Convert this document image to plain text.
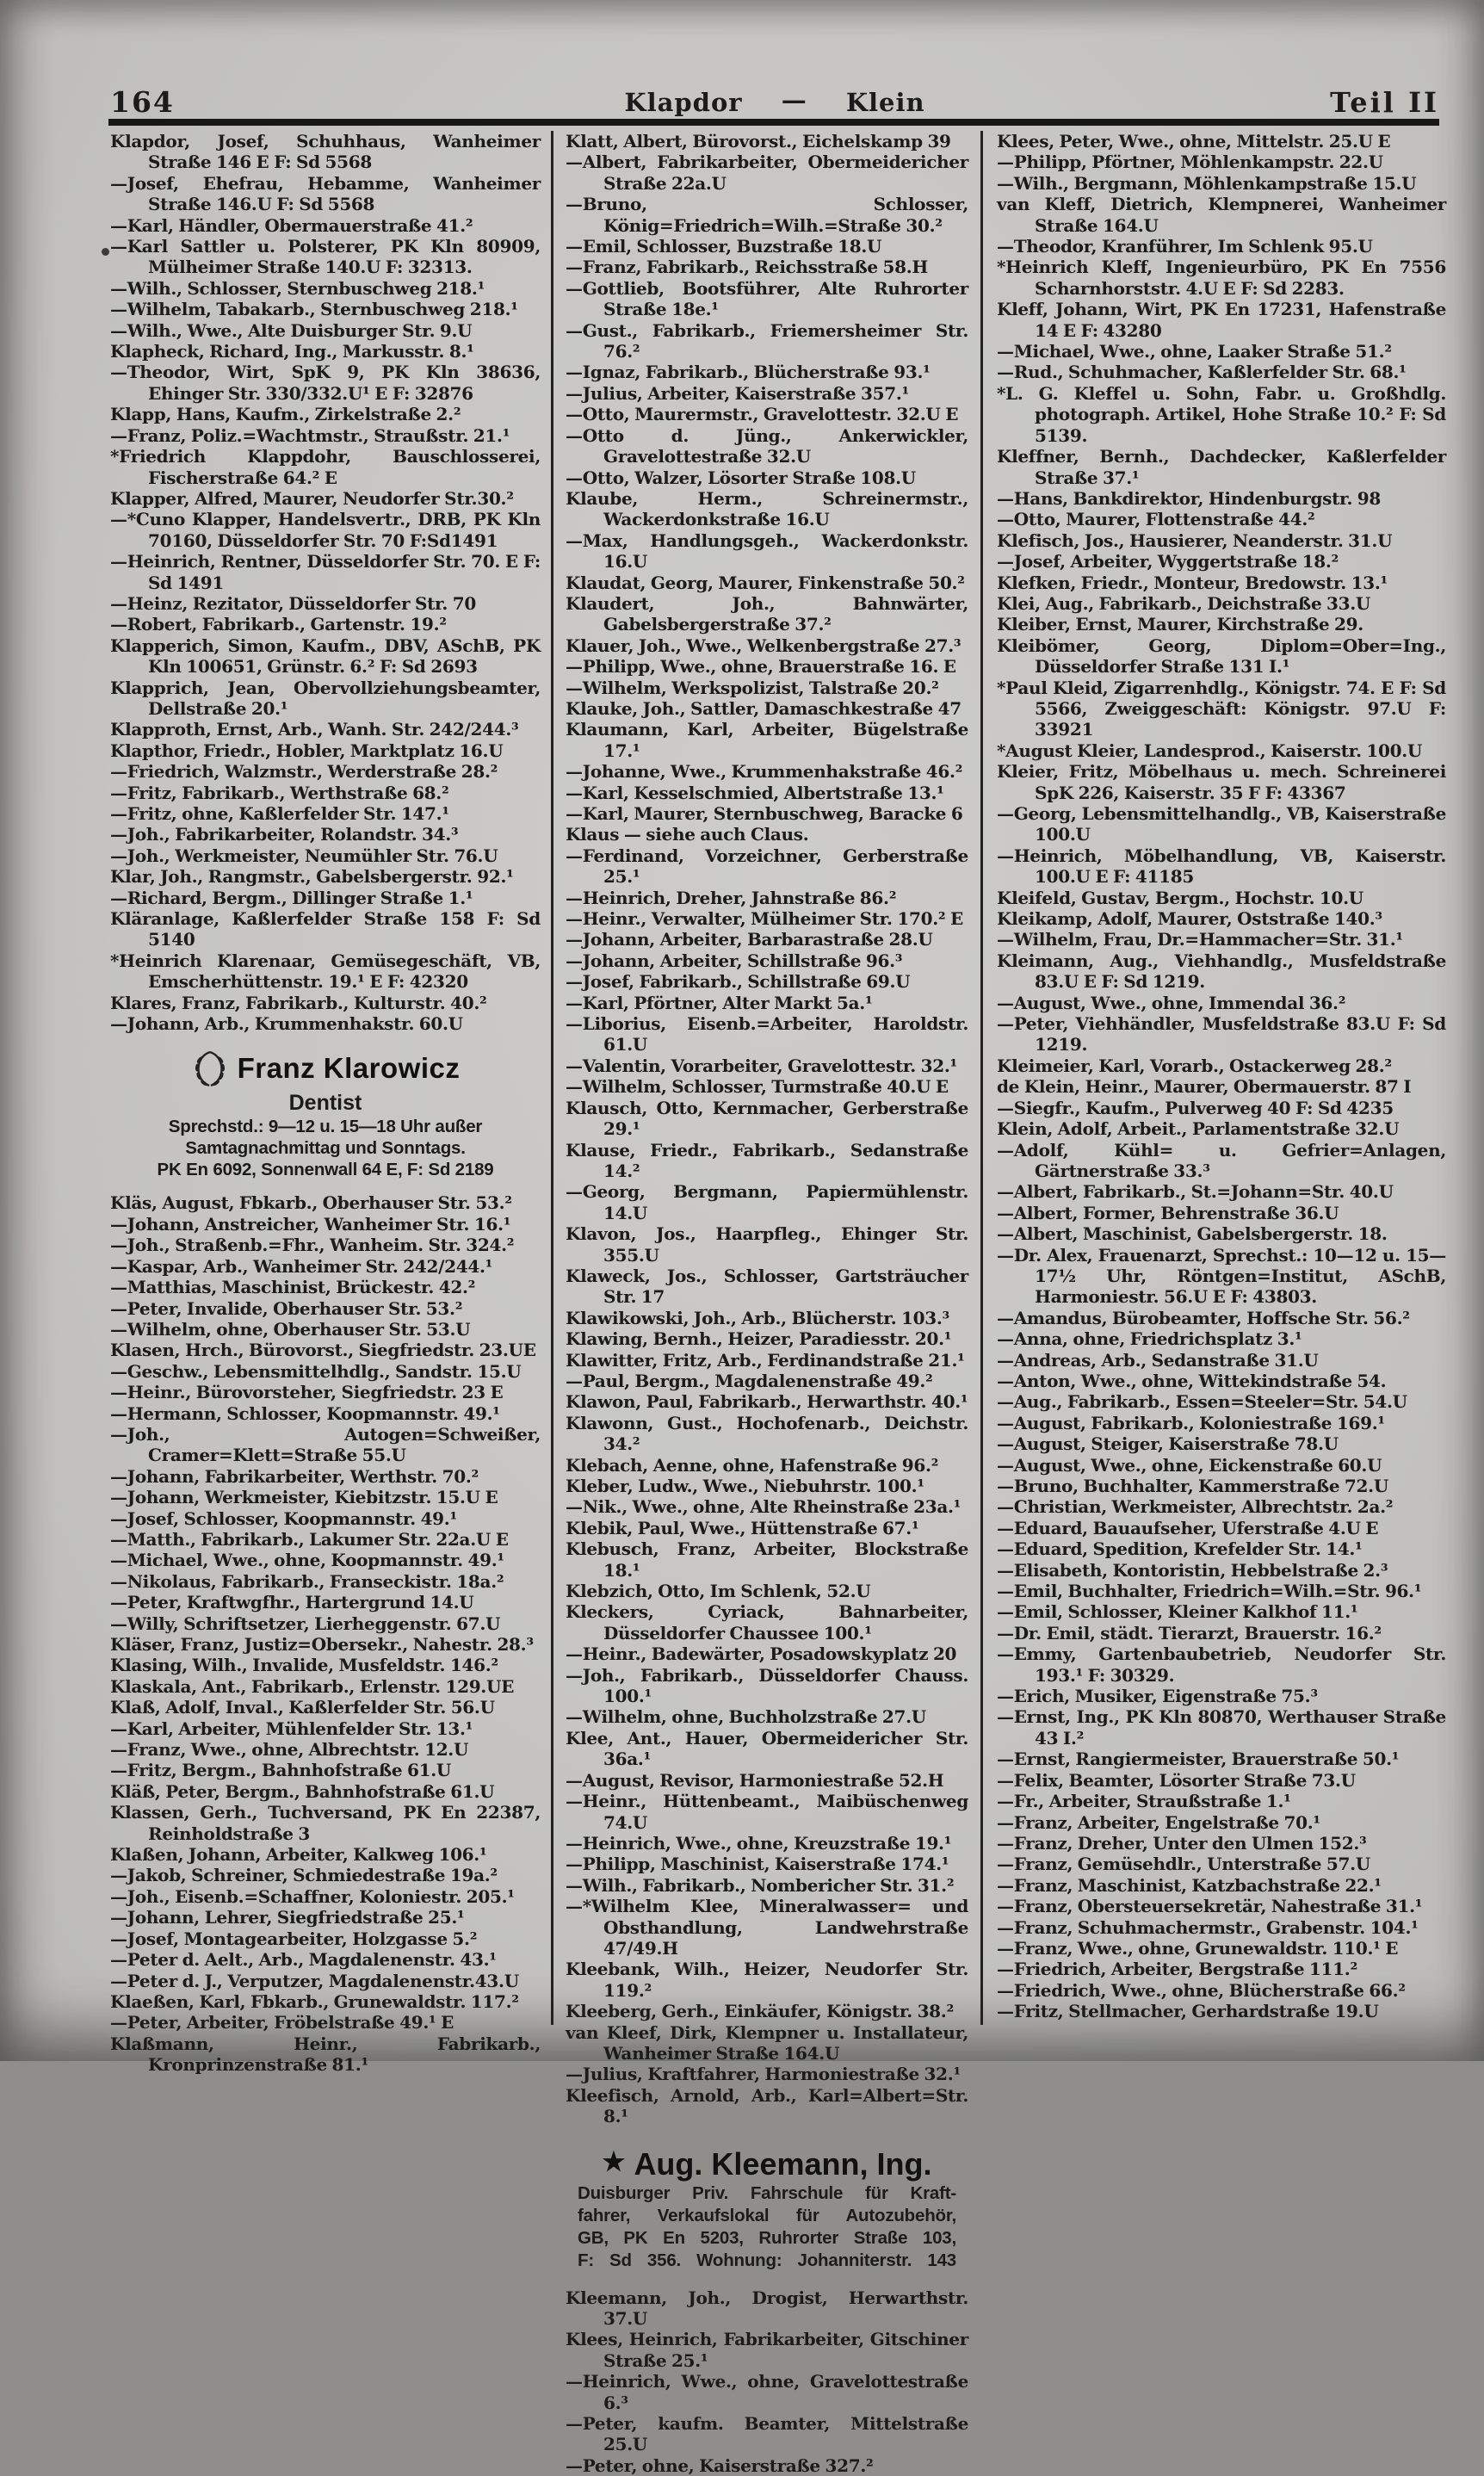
164	Klapdor — Klein	Teil II

Klapdor, Josef, Schuhhaus, Wanheimer Straße 146 E F: Sd 5568

—Josef, Ehefrau, Hebamme, Wanheimer Straße 146.U F: Sd 5568

—Karl, Händler, Obermauerstraße 41.²

—Karl Sattler u. Polsterer, PK Kln 80909, Mülheimer Straße 140.U F: 32313.

—Wilh., Schlosser, Sternbuschweg 218.¹

—Wilhelm, Tabakarb., Sternbuschweg 218.¹

—Wilh., Wwe., Alte Duisburger Str. 9.U

Klapheck, Richard, Ing., Markusstr. 8.¹

—Theodor, Wirt, SpK 9, PK Kln 38636, Ehinger Str. 330/332.U¹ E F: 32876

Klapp, Hans, Kaufm., Zirkelstraße 2.²

—Franz, Poliz.=Wachtmstr., Straußstr. 21.¹

*Friedrich Klappdohr, Bauschlosserei, Fischerstraße 64.² E

Klapper, Alfred, Maurer, Neudorfer Str.30.²

—*Cuno Klapper, Handelsvertr., DRB, PK Kln 70160, Düsseldorfer Str. 70 F:Sd1491

—Heinrich, Rentner, Düsseldorfer Str. 70. E F: Sd 1491

—Heinz, Rezitator, Düsseldorfer Str. 70

—Robert, Fabrikarb., Gartenstr. 19.²

Klapperich, Simon, Kaufm., DBV, ASchB, PK Kln 100651, Grünstr. 6.² F: Sd 2693

Klapprich, Jean, Obervollziehungsbeamter, Dellstraße 20.¹

Klapproth, Ernst, Arb., Wanh. Str. 242/244.³

Klapthor, Friedr., Hobler, Marktplatz 16.U

—Friedrich, Walzmstr., Werderstraße 28.²

—Fritz, Fabrikarb., Werthstraße 68.²

—Fritz, ohne, Kaßlerfelder Str. 147.¹

—Joh., Fabrikarbeiter, Rolandstr. 34.³

—Joh., Werkmeister, Neumühler Str. 76.U

Klar, Joh., Rangmstr., Gabelsbergerstr. 92.¹

—Richard, Bergm., Dillinger Straße 1.¹

Kläranlage, Kaßlerfelder Straße 158 F: Sd 5140

*Heinrich Klarenaar, Gemüsegeschäft, VB, Emscherhüttenstr. 19.¹ E F: 42320

Klares, Franz, Fabrikarb., Kulturstr. 40.²

—Johann, Arb., Krummenhakstr. 60.U

Franz Klarowicz
Dentist
Sprechstd.: 9—12 u. 15—18 Uhr außer
Samtagnachmittag und Sonntags.
PK En 6092, Sonnenwall 64 E, F: Sd 2189

Kläs, August, Fbkarb., Oberhauser Str. 53.²

—Johann, Anstreicher, Wanheimer Str. 16.¹

—Joh., Straßenb.=Fhr., Wanheim. Str. 324.²

—Kaspar, Arb., Wanheimer Str. 242/244.¹

—Matthias, Maschinist, Brückestr. 42.²

—Peter, Invalide, Oberhauser Str. 53.²

—Wilhelm, ohne, Oberhauser Str. 53.U

Klasen, Hrch., Bürovorst., Siegfriedstr. 23.UE

—Geschw., Lebensmittelhdlg., Sandstr. 15.U

—Heinr., Bürovorsteher, Siegfriedstr. 23 E

—Hermann, Schlosser, Koopmannstr. 49.¹

—Joh., Autogen=Schweißer, Cramer=Klett=Straße 55.U

—Johann, Fabrikarbeiter, Werthstr. 70.²

—Johann, Werkmeister, Kiebitzstr. 15.U E

—Josef, Schlosser, Koopmannstr. 49.¹

—Matth., Fabrikarb., Lakumer Str. 22a.U E

—Michael, Wwe., ohne, Koopmannstr. 49.¹

—Nikolaus, Fabrikarb., Franseckistr. 18a.²

—Peter, Kraftwgfhr., Hartergrund 14.U

—Willy, Schriftsetzer, Lierheggenstr. 67.U

Kläser, Franz, Justiz=Obersekr., Nahestr. 28.³

Klasing, Wilh., Invalide, Musfeldstr. 146.²

Klaskala, Ant., Fabrikarb., Erlenstr. 129.UE

Klaß, Adolf, Inval., Kaßlerfelder Str. 56.U

—Karl, Arbeiter, Mühlenfelder Str. 13.¹

—Franz, Wwe., ohne, Albrechtstr. 12.U

—Fritz, Bergm., Bahnhofstraße 61.U

Kläß, Peter, Bergm., Bahnhofstraße 61.U

Klassen, Gerh., Tuchversand, PK En 22387, Reinholdstraße 3

Klaßen, Johann, Arbeiter, Kalkweg 106.¹

—Jakob, Schreiner, Schmiedestraße 19a.²

—Joh., Eisenb.=Schaffner, Koloniestr. 205.¹

—Johann, Lehrer, Siegfriedstraße 25.¹

—Josef, Montagearbeiter, Holzgasse 5.²

—Peter d. Aelt., Arb., Magdalenenstr. 43.¹

—Peter d. J., Verputzer, Magdalenenstr.43.U

Klaeßen, Karl, Fbkarb., Grunewaldstr. 117.²

—Peter, Arbeiter, Fröbelstraße 49.¹ E

Klaßmann, Heinr., Fabrikarb., Kronprinzenstraße 81.¹

Klatt, Albert, Bürovorst., Eichelskamp 39

—Albert, Fabrikarbeiter, Obermeidericher Straße 22a.U

—Bruno, Schlosser, König=Friedrich=Wilh.=Straße 30.²

—Emil, Schlosser, Buzstraße 18.U

—Franz, Fabrikarb., Reichsstraße 58.H

—Gottlieb, Bootsführer, Alte Ruhrorter Straße 18e.¹

—Gust., Fabrikarb., Friemersheimer Str. 76.²

—Ignaz, Fabrikarb., Blücherstraße 93.¹

—Julius, Arbeiter, Kaiserstraße 357.¹

—Otto, Maurermstr., Gravelottestr. 32.U E

—Otto d. Jüng., Ankerwickler, Gravelottestraße 32.U

—Otto, Walzer, Lösorter Straße 108.U

Klaube, Herm., Schreinermstr., Wackerdonkstraße 16.U

—Max, Handlungsgeh., Wackerdonkstr. 16.U

Klaudat, Georg, Maurer, Finkenstraße 50.²

Klaudert, Joh., Bahnwärter, Gabelsbergerstraße 37.²

Klauer, Joh., Wwe., Welkenbergstraße 27.³

—Philipp, Wwe., ohne, Brauerstraße 16. E

—Wilhelm, Werkspolizist, Talstraße 20.²

Klauke, Joh., Sattler, Damaschkestraße 47

Klaumann, Karl, Arbeiter, Bügelstraße 17.¹

—Johanne, Wwe., Krummenhakstraße 46.²

—Karl, Kesselschmied, Albertstraße 13.¹

—Karl, Maurer, Sternbuschweg, Baracke 6

Klaus — siehe auch Claus.

—Ferdinand, Vorzeichner, Gerberstraße 25.¹

—Heinrich, Dreher, Jahnstraße 86.²

—Heinr., Verwalter, Mülheimer Str. 170.² E

—Johann, Arbeiter, Barbarastraße 28.U

—Johann, Arbeiter, Schillstraße 96.³

—Josef, Fabrikarb., Schillstraße 69.U

—Karl, Pförtner, Alter Markt 5a.¹

—Liborius, Eisenb.=Arbeiter, Haroldstr. 61.U

—Valentin, Vorarbeiter, Gravelottestr. 32.¹

—Wilhelm, Schlosser, Turmstraße 40.U E

Klausch, Otto, Kernmacher, Gerberstraße 29.¹

Klause, Friedr., Fabrikarb., Sedanstraße 14.²

—Georg, Bergmann, Papiermühlenstr. 14.U

Klavon, Jos., Haarpfleg., Ehinger Str. 355.U

Klaweck, Jos., Schlosser, Gartsträucher Str. 17

Klawikowski, Joh., Arb., Blücherstr. 103.³

Klawing, Bernh., Heizer, Paradiesstr. 20.¹

Klawitter, Fritz, Arb., Ferdinandstraße 21.¹

—Paul, Bergm., Magdalenenstraße 49.²

Klawon, Paul, Fabrikarb., Herwarthstr. 40.¹

Klawonn, Gust., Hochofenarb., Deichstr. 34.²

Klebach, Aenne, ohne, Hafenstraße 96.²

Kleber, Ludw., Wwe., Niebuhrstr. 100.¹

—Nik., Wwe., ohne, Alte Rheinstraße 23a.¹

Klebik, Paul, Wwe., Hüttenstraße 67.¹

Klebusch, Franz, Arbeiter, Blockstraße 18.¹

Klebzich, Otto, Im Schlenk, 52.U

Kleckers, Cyriack, Bahnarbeiter, Düsseldorfer Chaussee 100.¹

—Heinr., Badewärter, Posadowskyplatz 20

—Joh., Fabrikarb., Düsseldorfer Chauss. 100.¹

—Wilhelm, ohne, Buchholzstraße 27.U

Klee, Ant., Hauer, Obermeidericher Str. 36a.¹

—August, Revisor, Harmoniestraße 52.H

—Heinr., Hüttenbeamt., Maibüschenweg 74.U

—Heinrich, Wwe., ohne, Kreuzstraße 19.¹

—Philipp, Maschinist, Kaiserstraße 174.¹

—Wilh., Fabrikarb., Nombericher Str. 31.²

—*Wilhelm Klee, Mineralwasser= und Obsthandlung, Landwehrstraße 47/49.H

Kleebank, Wilh., Heizer, Neudorfer Str. 119.²

Kleeberg, Gerh., Einkäufer, Königstr. 38.²

van Kleef, Dirk, Klempner u. Installateur, Wanheimer Straße 164.U

—Julius, Kraftfahrer, Harmoniestraße 32.¹

Kleefisch, Arnold, Arb., Karl=Albert=Str. 8.¹

★ Aug. Kleemann, Ing.
Duisburger Priv. Fahrschule für Kraft-
fahrer, Verkaufslokal für Autozubehör,
GB, PK En 5203, Ruhrorter Straße 103,
F: Sd 356. Wohnung: Johanniterstr. 143

Kleemann, Joh., Drogist, Herwarthstr. 37.U

Klees, Heinrich, Fabrikarbeiter, Gitschiner Straße 25.¹

—Heinrich, Wwe., ohne, Gravelottestraße 6.³

—Peter, kaufm. Beamter, Mittelstraße 25.U

—Peter, ohne, Kaiserstraße 327.²

Klees, Peter, Wwe., ohne, Mittelstr. 25.U E

—Philipp, Pförtner, Möhlenkampstr. 22.U

—Wilh., Bergmann, Möhlenkampstraße 15.U

van Kleff, Dietrich, Klempnerei, Wanheimer Straße 164.U

—Theodor, Kranführer, Im Schlenk 95.U

*Heinrich Kleff, Ingenieurbüro, PK En 7556 Scharnhorststr. 4.U E F: Sd 2283.

Kleff, Johann, Wirt, PK En 17231, Hafenstraße 14 E F: 43280

—Michael, Wwe., ohne, Laaker Straße 51.²

—Rud., Schuhmacher, Kaßlerfelder Str. 68.¹

*L. G. Kleffel u. Sohn, Fabr. u. Großhdlg. photograph. Artikel, Hohe Straße 10.² F: Sd 5139.

Kleffner, Bernh., Dachdecker, Kaßlerfelder Straße 37.¹

—Hans, Bankdirektor, Hindenburgstr. 98

—Otto, Maurer, Flottenstraße 44.²

Klefisch, Jos., Hausierer, Neanderstr. 31.U

—Josef, Arbeiter, Wyggertstraße 18.²

Klefken, Friedr., Monteur, Bredowstr. 13.¹

Klei, Aug., Fabrikarb., Deichstraße 33.U

Kleiber, Ernst, Maurer, Kirchstraße 29.

Kleibömer, Georg, Diplom=Ober=Ing., Düsseldorfer Straße 131 I.¹

*Paul Kleid, Zigarrenhdlg., Königstr. 74. E F: Sd 5566, Zweiggeschäft: Königstr. 97.U F: 33921

*August Kleier, Landesprod., Kaiserstr. 100.U

Kleier, Fritz, Möbelhaus u. mech. Schreinerei SpK 226, Kaiserstr. 35 F F: 43367

—Georg, Lebensmittelhandlg., VB, Kaiserstraße 100.U

—Heinrich, Möbelhandlung, VB, Kaiserstr. 100.U E F: 41185

Kleifeld, Gustav, Bergm., Hochstr. 10.U

Kleikamp, Adolf, Maurer, Oststraße 140.³

—Wilhelm, Frau, Dr.=Hammacher=Str. 31.¹

Kleimann, Aug., Viehhandlg., Musfeldstraße 83.U E F: Sd 1219.

—August, Wwe., ohne, Immendal 36.²

—Peter, Viehhändler, Musfeldstraße 83.U F: Sd 1219.

Kleimeier, Karl, Vorarb., Ostackerweg 28.²

de Klein, Heinr., Maurer, Obermauerstr. 87 I

—Siegfr., Kaufm., Pulverweg 40 F: Sd 4235

Klein, Adolf, Arbeit., Parlamentstraße 32.U

—Adolf, Kühl= u. Gefrier=Anlagen, Gärtnerstraße 33.³

—Albert, Fabrikarb., St.=Johann=Str. 40.U

—Albert, Former, Behrenstraße 36.U

—Albert, Maschinist, Gabelsbergerstr. 18.

—Dr. Alex, Frauenarzt, Sprechst.: 10—12 u. 15—17½ Uhr, Röntgen=Institut, ASchB, Harmoniestr. 56.U E F: 43803.

—Amandus, Bürobeamter, Hoffsche Str. 56.²

—Anna, ohne, Friedrichsplatz 3.¹

—Andreas, Arb., Sedanstraße 31.U

—Anton, Wwe., ohne, Wittekindstraße 54.

—Aug., Fabrikarb., Essen=Steeler=Str. 54.U

—August, Fabrikarb., Koloniestraße 169.¹

—August, Steiger, Kaiserstraße 78.U

—August, Wwe., ohne, Eickenstraße 60.U

—Bruno, Buchhalter, Kammerstraße 72.U

—Christian, Werkmeister, Albrechtstr. 2a.²

—Eduard, Bauaufseher, Uferstraße 4.U E

—Eduard, Spedition, Krefelder Str. 14.¹

—Elisabeth, Kontoristin, Hebbelstraße 2.³

—Emil, Buchhalter, Friedrich=Wilh.=Str. 96.¹

—Emil, Schlosser, Kleiner Kalkhof 11.¹

—Dr. Emil, städt. Tierarzt, Brauerstr. 16.²

—Emmy, Gartenbaubetrieb, Neudorfer Str. 193.¹ F: 30329.

—Erich, Musiker, Eigenstraße 75.³

—Ernst, Ing., PK Kln 80870, Werthauser Straße 43 I.²

—Ernst, Rangiermeister, Brauerstraße 50.¹

—Felix, Beamter, Lösorter Straße 73.U

—Fr., Arbeiter, Straußstraße 1.¹

—Franz, Arbeiter, Engelstraße 70.¹

—Franz, Dreher, Unter den Ulmen 152.³

—Franz, Gemüsehdlr., Unterstraße 57.U

—Franz, Maschinist, Katzbachstraße 22.¹

—Franz, Obersteuersekretär, Nahestraße 31.¹

—Franz, Schuhmachermstr., Grabenstr. 104.¹

—Franz, Wwe., ohne, Grunewaldstr. 110.¹ E

—Friedrich, Arbeiter, Bergstraße 111.²

—Friedrich, Wwe., ohne, Blücherstraße 66.²

—Fritz, Stellmacher, Gerhardstraße 19.U
